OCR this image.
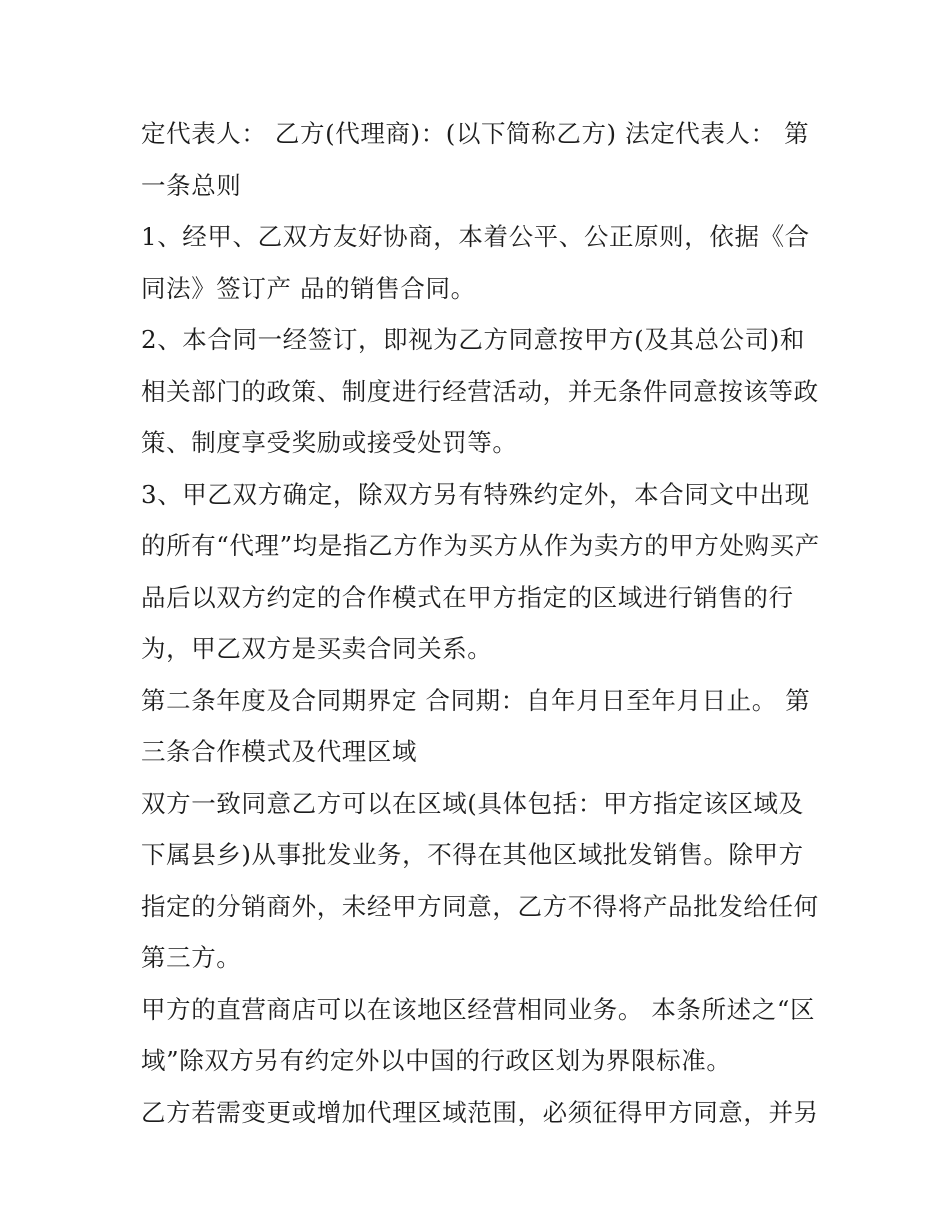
定代表人： 乙方(代理商)：(以下简称乙方) 法定代表人： 第
一条总则
1、经甲、乙双方友好协商，本着公平、公正原则，依据《合
同法》签订产 品的销售合同。
2、本合同一经签订，即视为乙方同意按甲方(及其总公司)和
相关部门的政策、制度进行经营活动，并无条件同意按该等政
策、制度享受奖励或接受处罚等。
3、甲乙双方确定，除双方另有特殊约定外，本合同文中出现
的所有“代理”均是指乙方作为买方从作为卖方的甲方处购买产
品后以双方约定的合作模式在甲方指定的区域进行销售的行
为，甲乙双方是买卖合同关系。
第二条年度及合同期界定 合同期：自年月日至年月日止。 第
三条合作模式及代理区域
双方一致同意乙方可以在区域(具体包括：甲方指定该区域及
下属县乡)从事批发业务，不得在其他区域批发销售。除甲方
指定的分销商外，未经甲方同意，乙方不得将产品批发给任何
第三方。
甲方的直营商店可以在该地区经营相同业务。 本条所述之“区
域”除双方另有约定外以中国的行政区划为界限标准。
乙方若需变更或增加代理区域范围，必须征得甲方同意，并另
